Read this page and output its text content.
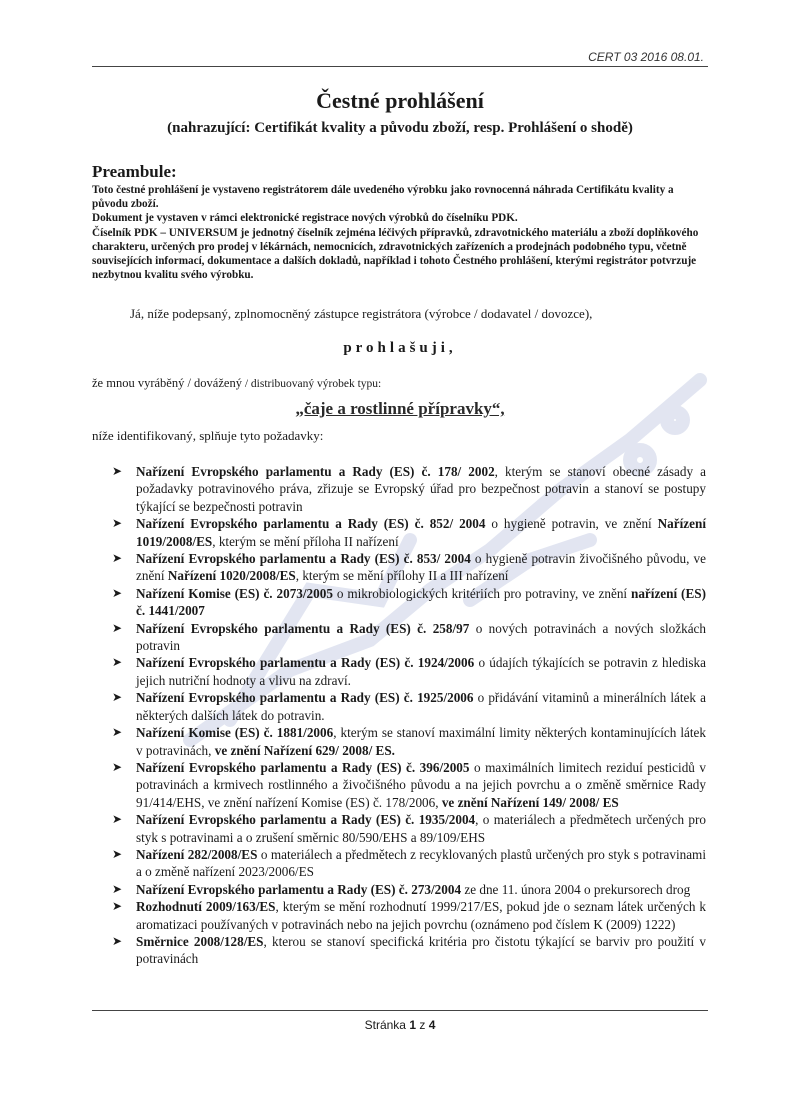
CERT 03 2016 08.01.
Čestné prohlášení
(nahrazující: Certifikát kvality a původu zboží, resp. Prohlášení o shodě)
Preambule:

Toto čestné prohlášení je vystaveno registrátorem dále uvedeného výrobku jako rovnocenná náhrada Certifikátu kvality a původu zboží.

Dokument je vystaven v rámci elektronické registrace nových výrobků do číselníku PDK.

Číselník PDK – UNIVERSUM je jednotný číselník zejména léčivých přípravků, zdravotnického materiálu a zboží doplňkového charakteru, určených pro prodej v lékárnách, nemocnicích, zdravotnických zařízeních a prodejnách podobného typu, včetně souvisejících informací, dokumentace a dalších dokladů, například i tohoto Čestného prohlášení, kterými registrátor potvrzuje nezbytnou kvalitu svého výrobku.

Já, níže podepsaný, zplnomocněný zástupce registrátora (výrobce / dodavatel / dovozce),
prohlašuji,
že mnou vyráběný / dovážený / distribuovaný výrobek typu:
„čaje a rostlinné přípravky“,
níže identifikovaný, splňuje tyto požadavky:
➤ Nařízení Evropského parlamentu a Rady (ES) č. 178/ 2002, kterým se stanoví obecné zásady a požadavky potravinového práva, zřizuje se Evropský úřad pro bezpečnost potravin a stanoví se postupy týkající se bezpečnosti potravin
➤ Nařízení Evropského parlamentu a Rady (ES) č. 852/ 2004 o hygieně potravin, ve znění Nařízení 1019/2008/ES, kterým se mění příloha II nařízení
➤ Nařízení Evropského parlamentu a Rady (ES) č. 853/ 2004 o hygieně potravin živočišného původu, ve znění Nařízení 1020/2008/ES, kterým se mění přílohy II a III nařízení
➤ Nařízení Komise (ES) č. 2073/2005 o mikrobiologických kritériích pro potraviny, ve znění nařízení (ES) č. 1441/2007
➤ Nařízení Evropského parlamentu a Rady (ES) č. 258/97 o nových potravinách a nových složkách potravin
➤ Nařízení Evropského parlamentu a Rady (ES) č. 1924/2006 o údajích týkajících se potravin z hlediska jejich nutriční hodnoty a vlivu na zdraví.
➤ Nařízení Evropského parlamentu a Rady (ES) č. 1925/2006 o přidávání vitaminů a minerálních látek a některých dalších látek do potravin.
➤ Nařízení Komise (ES) č. 1881/2006, kterým se stanoví maximální limity některých kontaminujících látek v potravinách, ve znění Nařízení 629/ 2008/ ES.
➤ Nařízení Evropského parlamentu a Rady (ES) č. 396/2005 o maximálních limitech reziduí pesticidů v potravinách a krmivech rostlinného a živočišného původu a na jejich povrchu a o změně směrnice Rady 91/414/EHS, ve znění nařízení Komise (ES) č. 178/2006, ve znění Nařízení 149/ 2008/ ES
➤ Nařízení Evropského parlamentu a Rady (ES) č. 1935/2004, o materiálech a předmětech určených pro styk s potravinami a o zrušení směrnic 80/590/EHS a 89/109/EHS
➤ Nařízení 282/2008/ES o materiálech a předmětech z recyklovaných plastů určených pro styk s potravinami a o změně nařízení 2023/2006/ES
➤ Nařízení Evropského parlamentu a Rady (ES) č. 273/2004 ze dne 11. února 2004 o prekursorech drog
➤ Rozhodnutí 2009/163/ES, kterým se mění rozhodnutí 1999/217/ES, pokud jde o seznam látek určených k aromatizaci používaných v potravinách nebo na jejich povrchu (oznámeno pod číslem K (2009) 1222)
➤ Směrnice 2008/128/ES, kterou se stanoví specifická kritéria pro čistotu týkající se barviv pro použití v potravinách
Stránka 1 z 4
